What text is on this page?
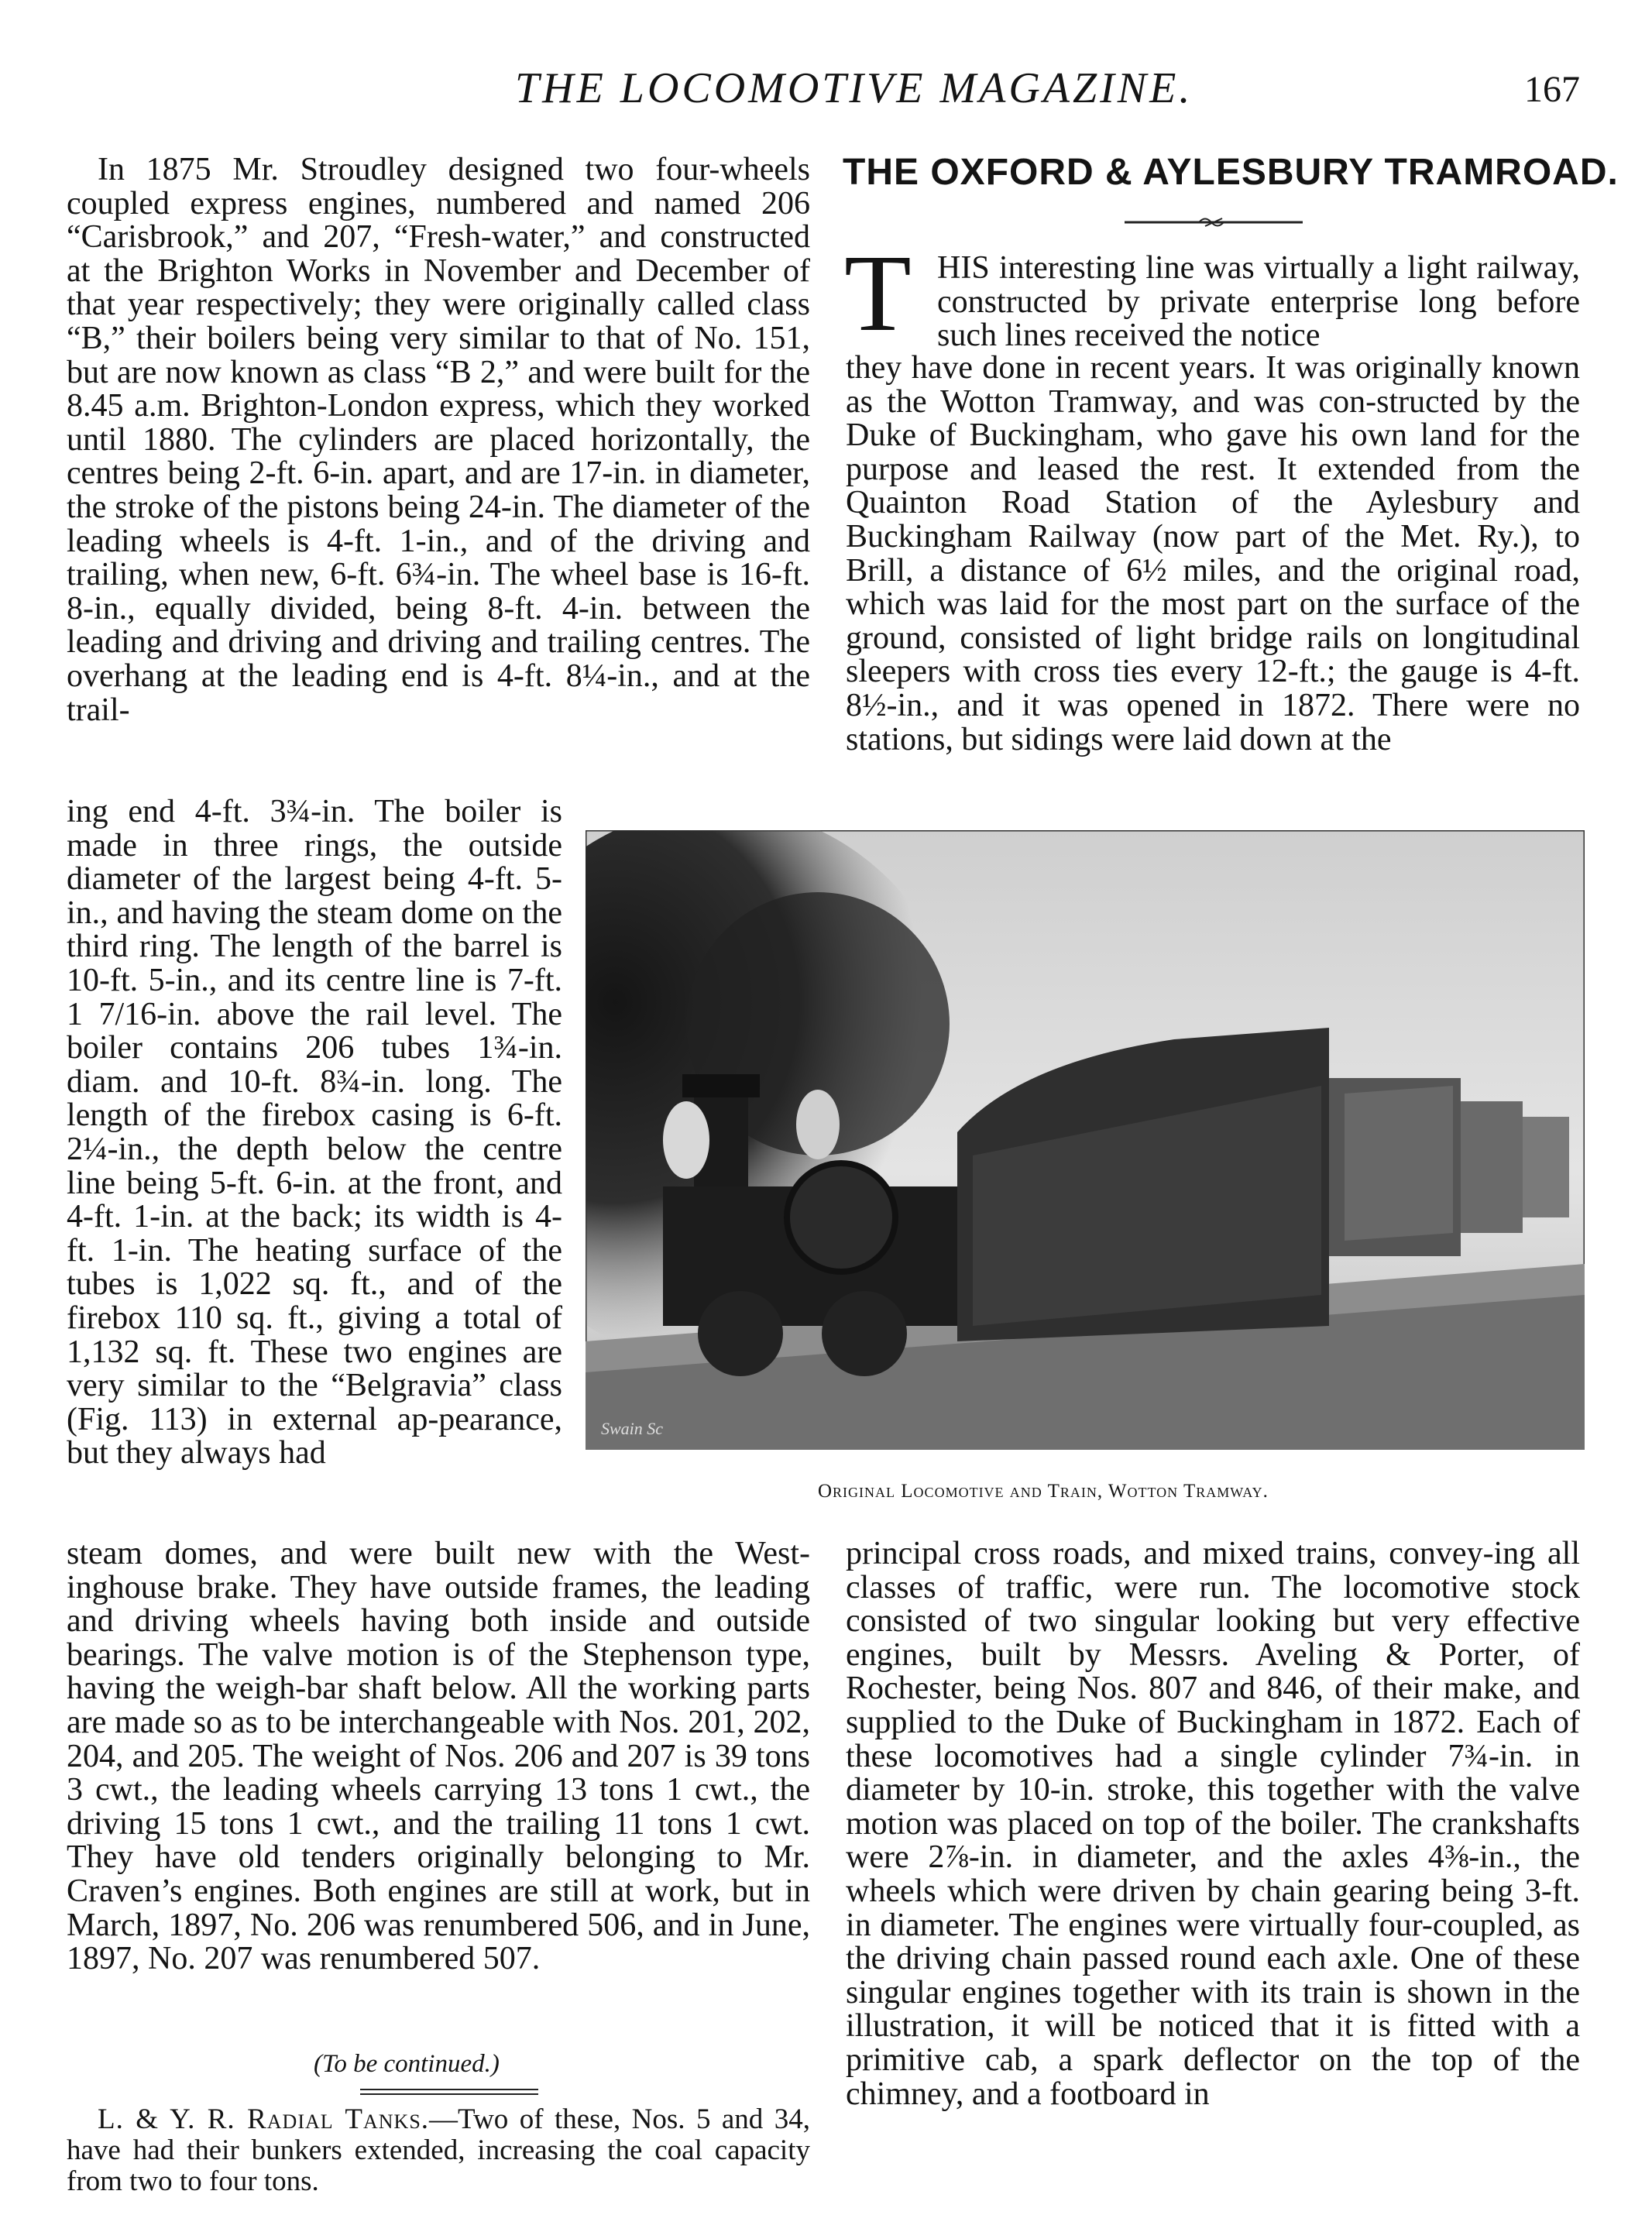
THE LOCOMOTIVE MAGAZINE.	167

In 1875 Mr. Stroudley designed two four-wheels coupled express engines, numbered and named 206 “Carisbrook,” and 207, “Fresh-water,” and constructed at the Brighton Works in November and December of that year respectively; they were originally called class “B,” their boilers being very similar to that of No. 151, but are now known as class “B 2,” and were built for the 8.45 a.m. Brighton-London express, which they worked until 1880. The cylinders are placed horizontally, the centres being 2-ft. 6-in. apart, and are 17-in. in diameter, the stroke of the pistons being 24-in. The diameter of the leading wheels is 4-ft. 1-in., and of the driving and trailing, when new, 6-ft. 6¾-in. The wheel base is 16-ft. 8-in., equally divided, being 8-ft. 4-in. between the leading and driving and driving and trailing centres. The overhang at the leading end is 4-ft. 8¼-in., and at the trail-

ing end 4-ft. 3¾-in. The boiler is made in three rings, the outside diameter of the largest being 4-ft. 5-in., and having the steam dome on the third ring. The length of the barrel is 10-ft. 5-in., and its centre line is 7-ft. 1 7/16-in. above the rail level. The boiler contains 206 tubes 1¾-in. diam. and 10-ft. 8¾-in. long. The length of the firebox casing is 6-ft. 2¼-in., the depth below the centre line being 5-ft. 6-in. at the front, and 4-ft. 1-in. at the back; its width is 4-ft. 1-in. The heating surface of the tubes is 1,022 sq. ft., and of the firebox 110 sq. ft., giving a total of 1,132 sq. ft. These two engines are very similar to the “Belgravia” class (Fig. 113) in external ap-pearance, but they always had

steam domes, and were built new with the West-inghouse brake. They have outside frames, the leading and driving wheels having both inside and outside bearings. The valve motion is of the Stephenson type, having the weigh-bar shaft below. All the working parts are made so as to be interchangeable with Nos. 201, 202, 204, and 205. The weight of Nos. 206 and 207 is 39 tons 3 cwt., the leading wheels carrying 13 tons 1 cwt., the driving 15 tons 1 cwt., and the trailing 11 tons 1 cwt. They have old tenders originally belonging to Mr. Craven’s engines. Both engines are still at work, but in March, 1897, No. 206 was renumbered 506, and in June, 1897, No. 207 was renumbered 507.

(To be continued.)

L. & Y. R. Radial Tanks.—Two of these, Nos. 5 and 34, have had their bunkers extended, increasing the coal capacity from two to four tons.

THE OXFORD & AYLESBURY TRAMROAD.
T HIS interesting line was virtually a light railway, constructed by private enterprise long before such lines received the notice

they have done in recent years. It was originally known as the Wotton Tramway, and was con-structed by the Duke of Buckingham, who gave his own land for the purpose and leased the rest. It extended from the Quainton Road Station of the Aylesbury and Buckingham Railway (now part of the Met. Ry.), to Brill, a distance of 6½ miles, and the original road, which was laid for the most part on the surface of the ground, consisted of light bridge rails on longitudinal sleepers with cross ties every 12-ft.; the gauge is 4-ft. 8½-in., and it was opened in 1872. There were no stations, but sidings were laid down at the

Swain Sc
Original Locomotive and Train, Wotton Tramway.

principal cross roads, and mixed trains, convey-ing all classes of traffic, were run. The locomotive stock consisted of two singular looking but very effective engines, built by Messrs. Aveling & Porter, of Rochester, being Nos. 807 and 846, of their make, and supplied to the Duke of Buckingham in 1872. Each of these locomotives had a single cylinder 7¾-in. in diameter by 10-in. stroke, this together with the valve motion was placed on top of the boiler. The crankshafts were 2⅞-in. in diameter, and the axles 4⅜-in., the wheels which were driven by chain gearing being 3-ft. in diameter. The engines were virtually four-coupled, as the driving chain passed round each axle. One of these singular engines together with its train is shown in the illustration, it will be noticed that it is fitted with a primitive cab, a spark deflector on the top of the chimney, and a footboard in
